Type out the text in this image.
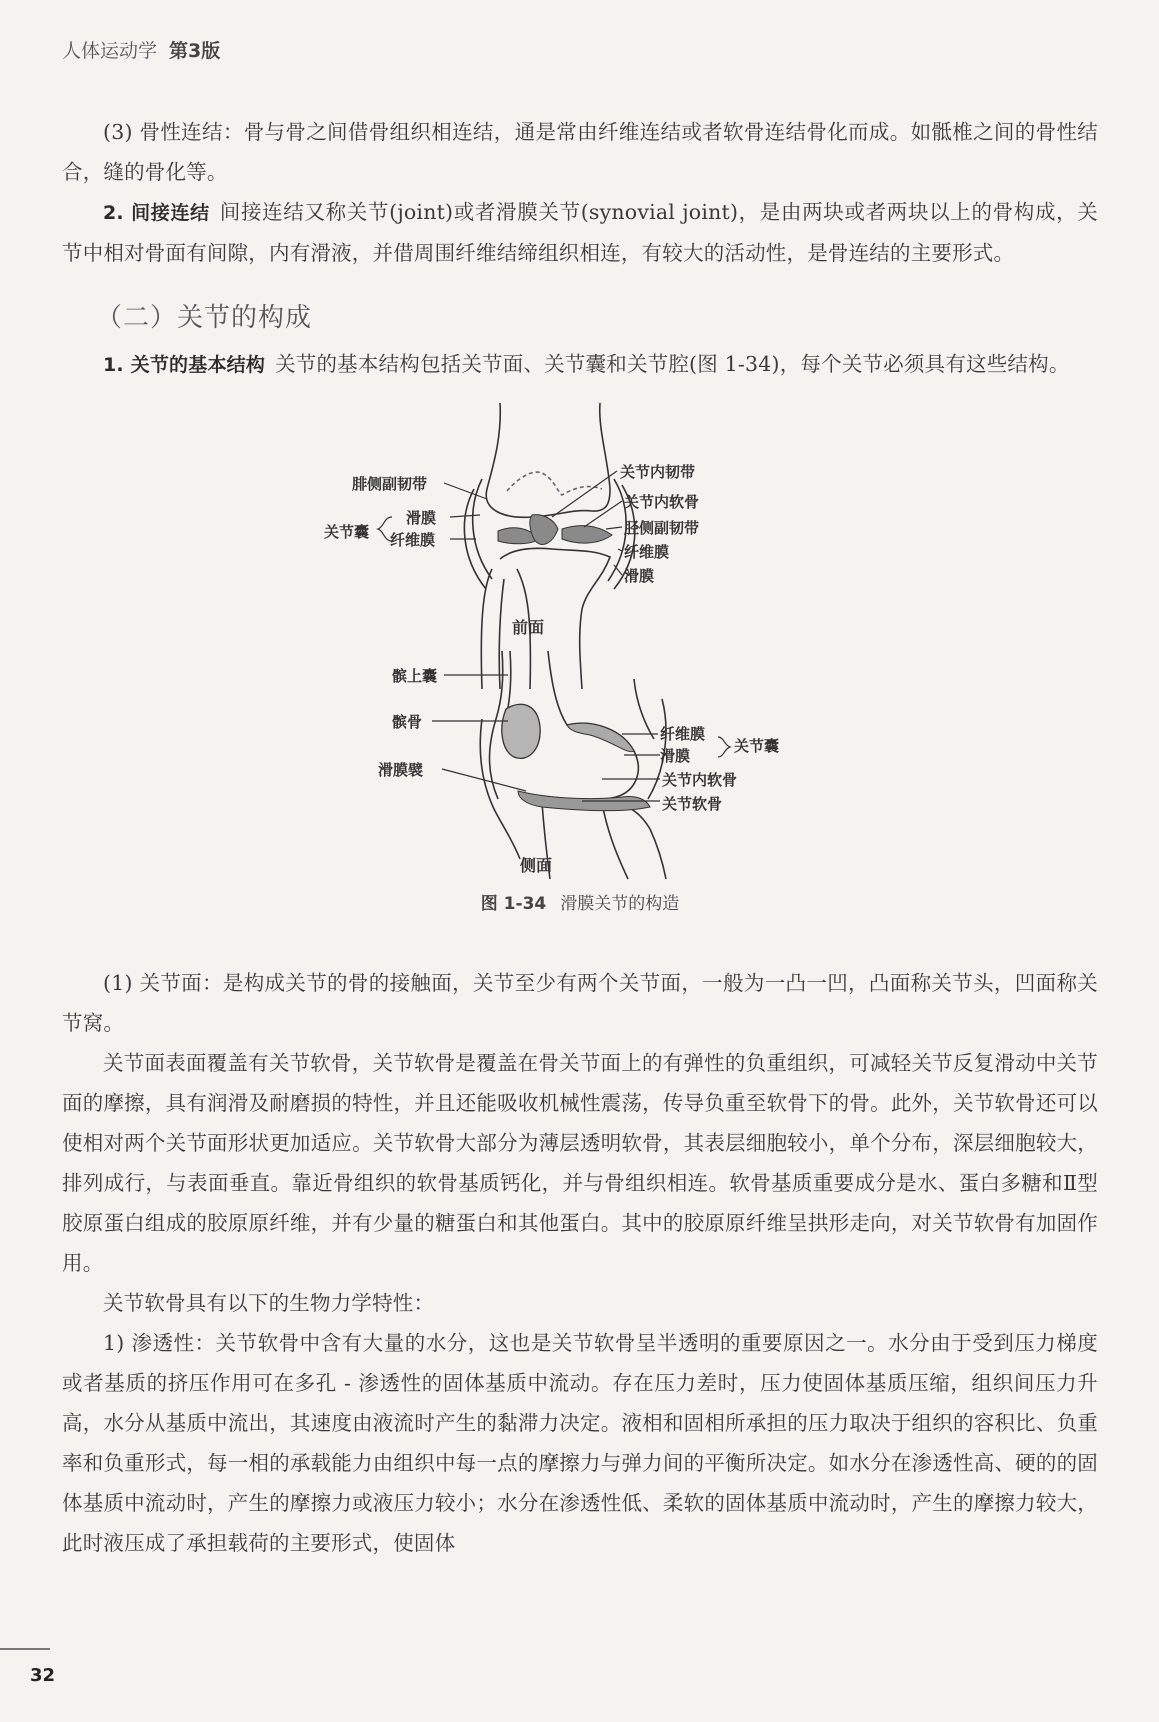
人体运动学 第3版

(3) 骨性连结：骨与骨之间借骨组织相连结，通是常由纤维连结或者软骨连结骨化而成。如骶椎之间的骨性结合，缝的骨化等。

2. 间接连结 间接连结又称关节(joint)或者滑膜关节(synovial joint)，是由两块或者两块以上的骨构成，关节中相对骨面有间隙，内有滑液，并借周围纤维结缔组织相连，有较大的活动性，是骨连结的主要形式。

（二）关节的构成

1. 关节的基本结构 关节的基本结构包括关节面、关节囊和关节腔(图 1-34)，每个关节必须具有这些结构。

腓侧副韧带
关节囊
滑膜
纤维膜
关节内韧带
关节内软骨
胫侧副韧带
纤维膜
滑膜
前面
髌上囊
髌骨
滑膜襞
纤维膜
滑膜
关节囊
关节内软骨
关节软骨
侧面
图 1-34 滑膜关节的构造

(1) 关节面：是构成关节的骨的接触面，关节至少有两个关节面，一般为一凸一凹，凸面称关节头，凹面称关节窝。

关节面表面覆盖有关节软骨，关节软骨是覆盖在骨关节面上的有弹性的负重组织，可减轻关节反复滑动中关节面的摩擦，具有润滑及耐磨损的特性，并且还能吸收机械性震荡，传导负重至软骨下的骨。此外，关节软骨还可以使相对两个关节面形状更加适应。关节软骨大部分为薄层透明软骨，其表层细胞较小，单个分布，深层细胞较大，排列成行，与表面垂直。靠近骨组织的软骨基质钙化，并与骨组织相连。软骨基质重要成分是水、蛋白多糖和Ⅱ型胶原蛋白组成的胶原原纤维，并有少量的糖蛋白和其他蛋白。其中的胶原原纤维呈拱形走向，对关节软骨有加固作用。

关节软骨具有以下的生物力学特性：

1) 渗透性：关节软骨中含有大量的水分，这也是关节软骨呈半透明的重要原因之一。水分由于受到压力梯度或者基质的挤压作用可在多孔 - 渗透性的固体基质中流动。存在压力差时，压力使固体基质压缩，组织间压力升高，水分从基质中流出，其速度由液流时产生的黏滞力决定。液相和固相所承担的压力取决于组织的容积比、负重率和负重形式，每一相的承载能力由组织中每一点的摩擦力与弹力间的平衡所决定。如水分在渗透性高、硬的的固体基质中流动时，产生的摩擦力或液压力较小；水分在渗透性低、柔软的固体基质中流动时，产生的摩擦力较大，此时液压成了承担载荷的主要形式，使固体

32
